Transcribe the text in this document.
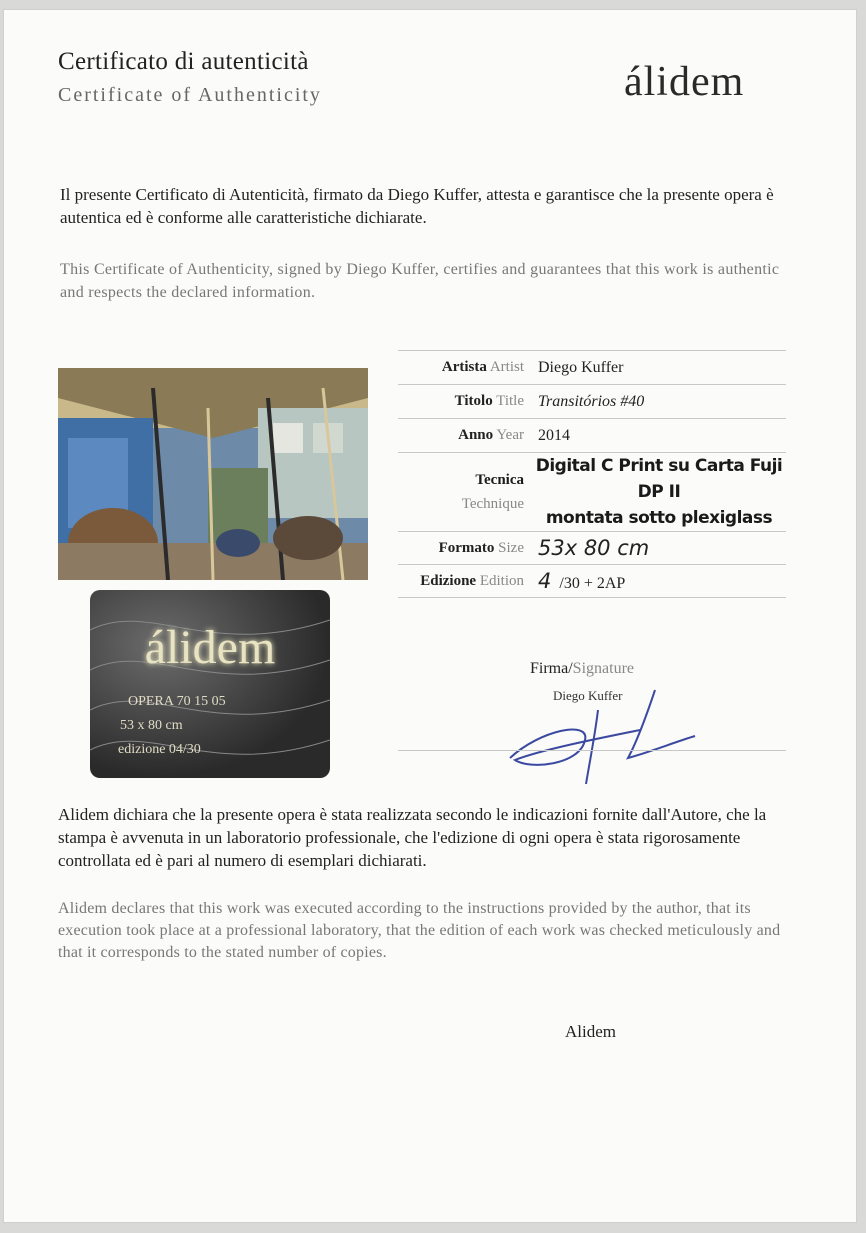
Certificato di autenticità
Certificate of Authenticity	álidem
Il presente Certificato di Autenticità, firmato da Diego Kuffer, attesta e garantisce che la presente opera è autentica ed è conforme alle caratteristiche dichiarate.
This Certificate of Authenticity, signed by Diego Kuffer, certifies and guarantees that this work is authentic and respects the declared information.
álidem
OPERA 70 15 05
53 x 80 cm
edizione 04/30
Artista Artist Diego Kuffer
Titolo Title Transitórios #40
Anno Year 2014
Tecnica
Technique
Digital C Print su Carta Fuji DP II
montata sotto plexiglass
Formato Size 53x 80 cm
Edizione Edition 4 /30 + 2AP
Firma/Signature
Diego Kuffer
Alidem dichiara che la presente opera è stata realizzata secondo le indicazioni fornite dall'Autore, che la stampa è avvenuta in un laboratorio professionale, che l'edizione di ogni opera è stata rigorosamente controllata ed è pari al numero di esemplari dichiarati.
Alidem declares that this work was executed according to the instructions provided by the author, that its execution took place at a professional laboratory, that the edition of each work was checked meticulously and that it corresponds to the stated number of copies.
Alidem
